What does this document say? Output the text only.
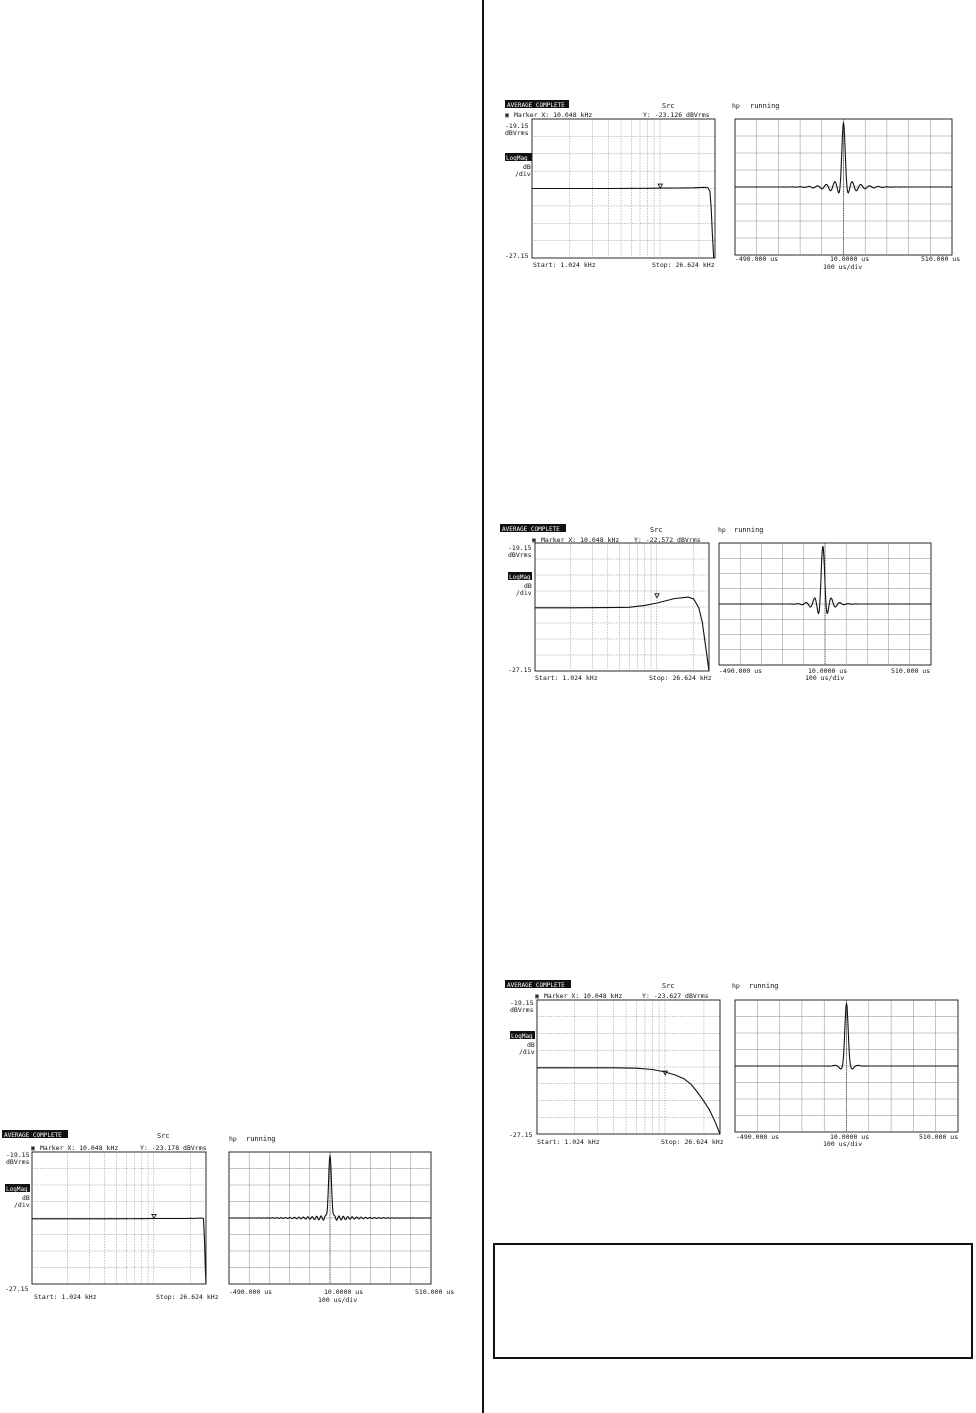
AVERAGE COMPLETE	Src	hp running
▣ Marker X: 10.048 kHz	Y: -23.126 dBVrms
-19.15
dBVrms
LogMag
dB
/div
-27.15
Start: 1.024 kHz	Stop: 26.624 kHz
-490.000 us	10.0000 us	510.000 us
100 us/div
AVERAGE COMPLETE	Src	hp running
▣ Marker X: 10.048 kHz Y: -22.572 dBVrms
-19.15
dBVrms
LogMag
dB
/div
-27.15
Start: 1.024 kHz	Stop: 26.624 kHz
-490.000 us	10.0000 us	510.000 us
100 us/div
AVERAGE COMPLETE	Src	hp running
▣ Marker X: 10.048 kHz	Y: -23.627 dBVrms
-19.15
dBVrms
LogMag
dB
/div
-27.15
Start: 1.024 kHz	Stop: 26.624 kHz
-490.000 us	10.0000 us	510.000 us
100 us/div
AVERAGE COMPLETE	Src	hp running
▣ Marker X: 10.048 kHz	Y: -23.178 dBVrms
-19.15
dBVrms
LogMag
dB
/div
-27.15
Start: 1.024 kHz	Stop: 26.624 kHz
-490.000 us	10.0000 us	510.000 us
100 us/div
